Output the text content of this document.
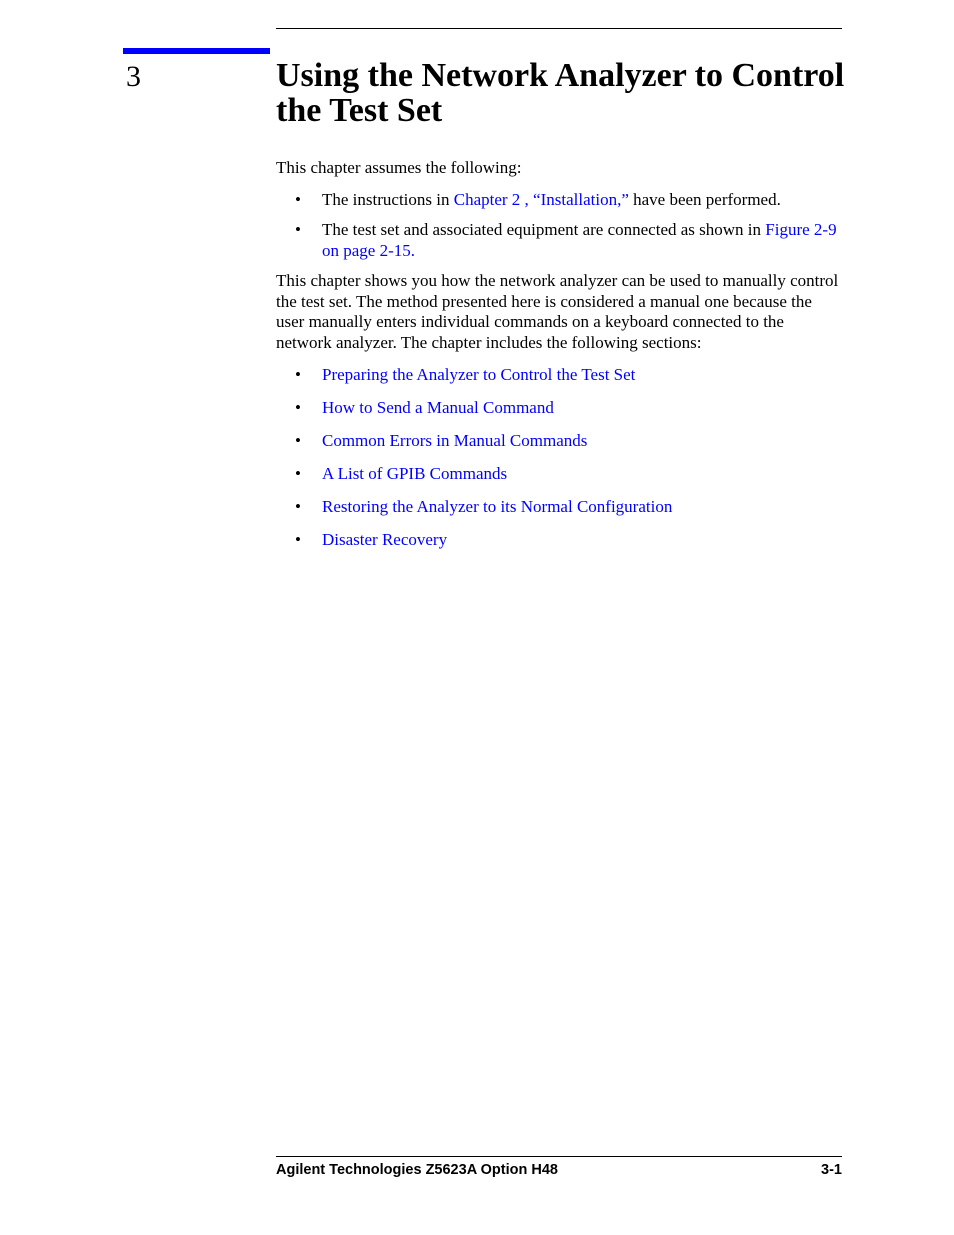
3	Using the Network Analyzer to Control the Test Set

This chapter assumes the following:

• The instructions in Chapter 2 , “Installation,” have been performed.
• The test set and associated equipment are connected as shown in Figure 2-9 on page 2-15.

This chapter shows you how the network analyzer can be used to manually control the test set. The method presented here is considered a manual one because the user manually enters individual commands on a keyboard connected to the network analyzer. The chapter includes the following sections:

• Preparing the Analyzer to Control the Test Set
• How to Send a Manual Command
• Common Errors in Manual Commands
• A List of GPIB Commands
• Restoring the Analyzer to its Normal Configuration
• Disaster Recovery
Agilent Technologies Z5623A Option H48	3-1
